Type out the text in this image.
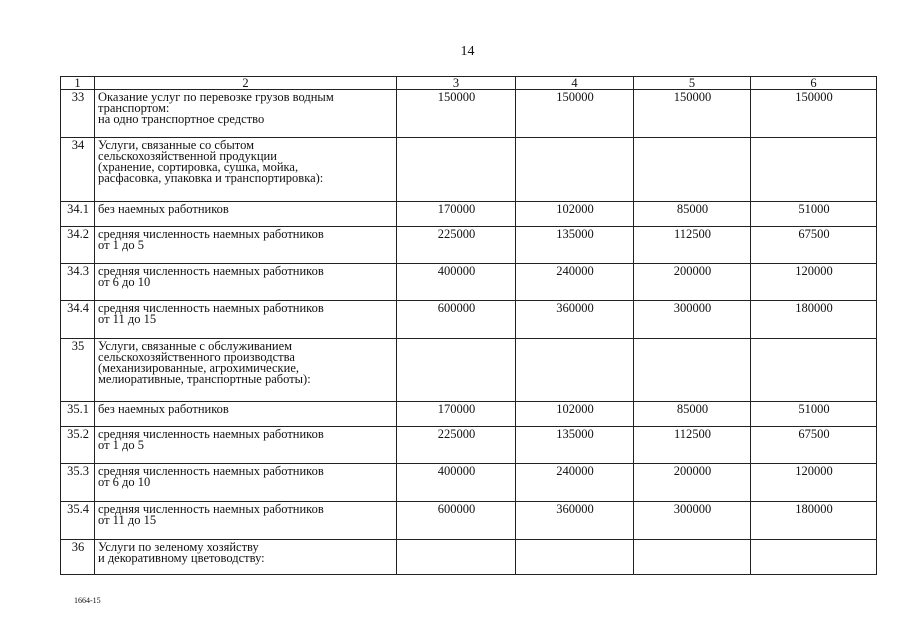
14
1	2	3	4	5	6
33	Оказание услуг по перевозке грузов водным
транспортом:
на одно транспортное средство	150000	150000	150000	150000
34	Услуги, связанные со сбытом
сельскохозяйственной продукции
(хранение, сортировка, сушка, мойка,
расфасовка, упаковка и транспортировка):				

34.1	без наемных работников	170000	102000	85000	51000
34.2	средняя численность наемных работников
от 1 до 5	225000	135000	112500	67500
34.3	средняя численность наемных работников
от 6 до 10	400000	240000	200000	120000
34.4	средняя численность наемных работников
от 11 до 15	600000	360000	300000	180000
35	Услуги, связанные с обслуживанием
сельскохозяйственного производства
(механизированные, агрохимические,
мелиоративные, транспортные работы):				

35.1	без наемных работников	170000	102000	85000	51000
35.2	средняя численность наемных работников
от 1 до 5	225000	135000	112500	67500
35.3	средняя численность наемных работников
от 6 до 10	400000	240000	200000	120000
35.4	средняя численность наемных работников
от 11 до 15	600000	360000	300000	180000
36	Услуги по зеленому хозяйству
и декоративному цветоводству:				

1664-15
